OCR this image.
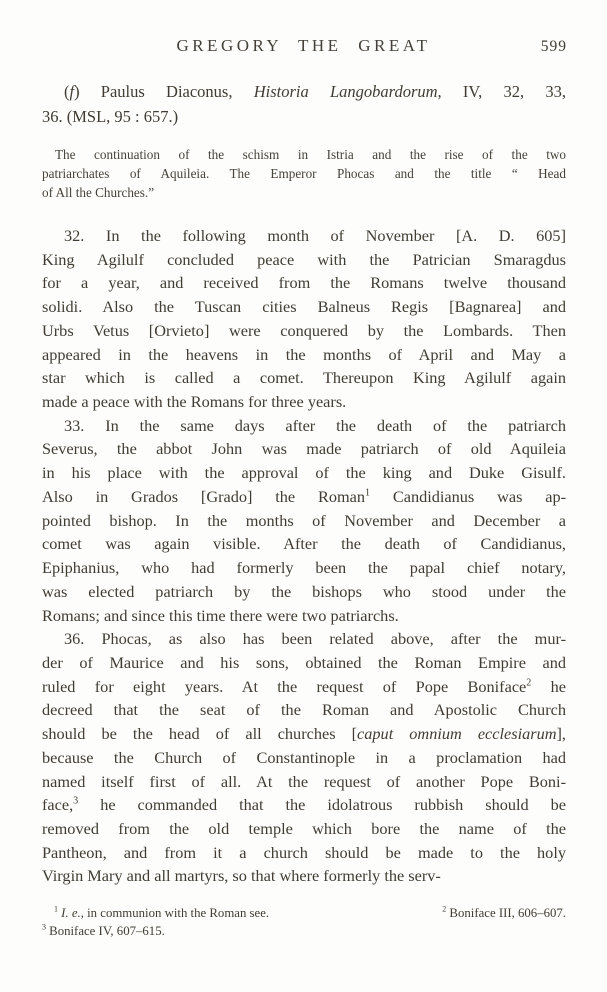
GREGORY THE GREAT	599
(f) Paulus Diaconus, Historia Langobardorum, IV, 32, 33,
36. (MSL, 95 : 657.)
The continuation of the schism in Istria and the rise of the two
patriarchates of Aquileia. The Emperor Phocas and the title “ Head
of All the Churches.”
32. In the following month of November [A. D. 605]
King Agilulf concluded peace with the Patrician Smaragdus
for a year, and received from the Romans twelve thousand
solidi. Also the Tuscan cities Balneus Regis [Bagnarea] and
Urbs Vetus [Orvieto] were conquered by the Lombards. Then
appeared in the heavens in the months of April and May a
star which is called a comet. Thereupon King Agilulf again
made a peace with the Romans for three years.
33. In the same days after the death of the patriarch
Severus, the abbot John was made patriarch of old Aquileia
in his place with the approval of the king and Duke Gisulf.
Also in Grados [Grado] the Roman$^1$ Candidianus was ap-
pointed bishop. In the months of November and December a
comet was again visible. After the death of Candidianus,
Epiphanius, who had formerly been the papal chief notary,
was elected patriarch by the bishops who stood under the
Romans; and since this time there were two patriarchs.
36. Phocas, as also has been related above, after the mur-
der of Maurice and his sons, obtained the Roman Empire and
ruled for eight years. At the request of Pope Boniface$^2$ he
decreed that the seat of the Roman and Apostolic Church
should be the head of all churches [caput omnium ecclesiarum],
because the Church of Constantinople in a proclamation had
named itself first of all. At the request of another Pope Boni-
face,$^3$ he commanded that the idolatrous rubbish should be
removed from the old temple which bore the name of the
Pantheon, and from it a church should be made to the holy
Virgin Mary and all martyrs, so that where formerly the serv-
$^1$ I. e., in communion with the Roman see.	$^2$ Boniface III, 606–607.
$^3$ Boniface IV, 607–615.
